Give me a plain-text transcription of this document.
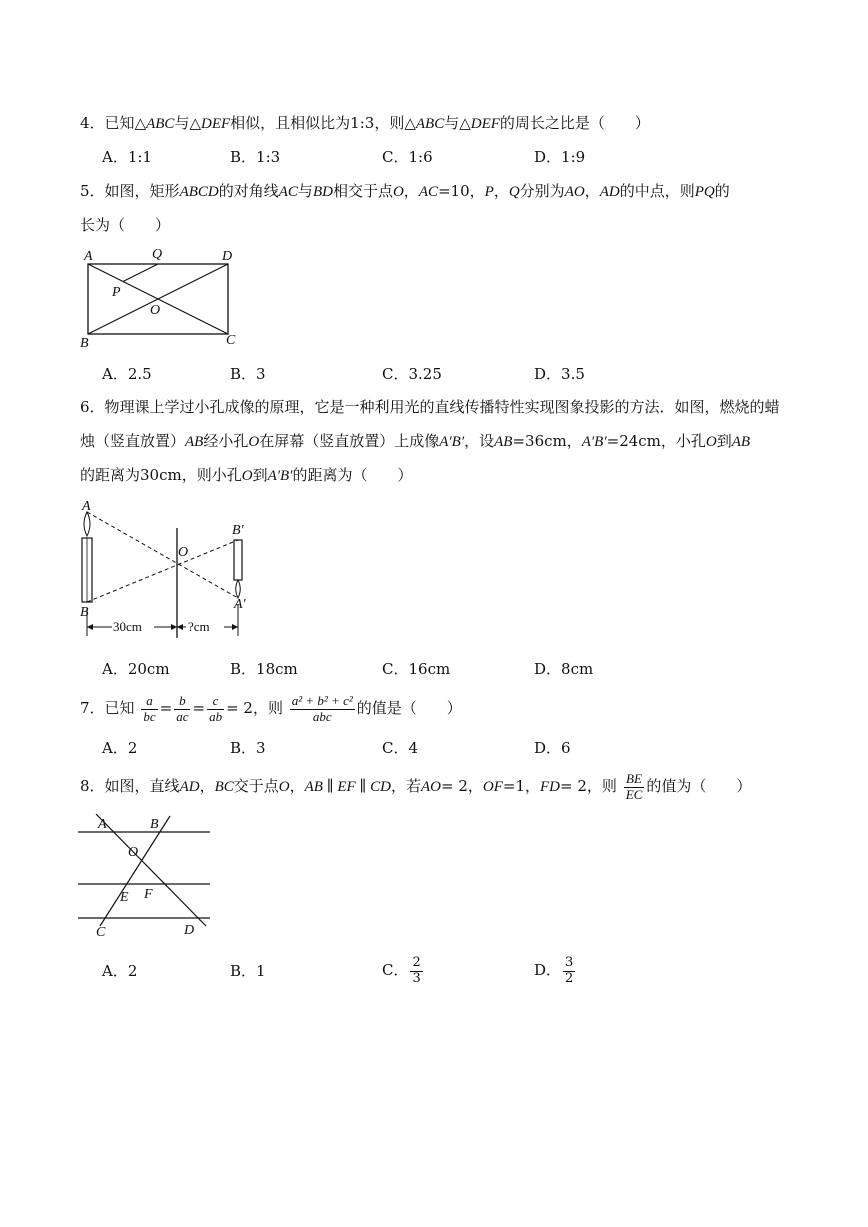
4．已知△ABC与△DEF相似，且相似比为1:3，则△ABC与△DEF的周长之比是（　　）
A．1:1	B．1:3	C．1:6	D．1:9
5．如图，矩形ABCD的对角线AC与BD相交于点O，AC=10，P，Q分别为AO，AD的中点，则PQ的
长为（　　）
A	Q	D
P
O
B	C
A．2.5	B．3	C．3.25	D．3.5
6．物理课上学过小孔成像的原理，它是一种利用光的直线传播特性实现图象投影的方法．如图，燃烧的蜡
烛（竖直放置）AB经小孔O在屏幕（竖直放置）上成像A′B′，设AB=36cm，A′B′=24cm，小孔O到AB
的距离为30cm，则小孔O到A′B′的距离为（　　）
A
B
O
B′
A′
30cm	?cm
A．20cm	B．18cm	C．16cm	D．8cm
7．已知 $\frac{a}{bc} = \frac{b}{ac} = \frac{c}{ab} = 2$，则 $\frac{\text{a² + b² + c²}}{\text{abc}}$ 的值是（　　）
A．2	B．3	C．4	D．6
8．如图，直线AD，BC交于点O，AB ∥ EF ∥ CD，若AO= 2，OF=1，FD= 2，则 $\frac{BE}{EC}$ 的值为（　　）
A	B
O
E F
C	D
A．2	B．1	C． $\frac{2}{3}$	D． $\frac{3}{2}$
